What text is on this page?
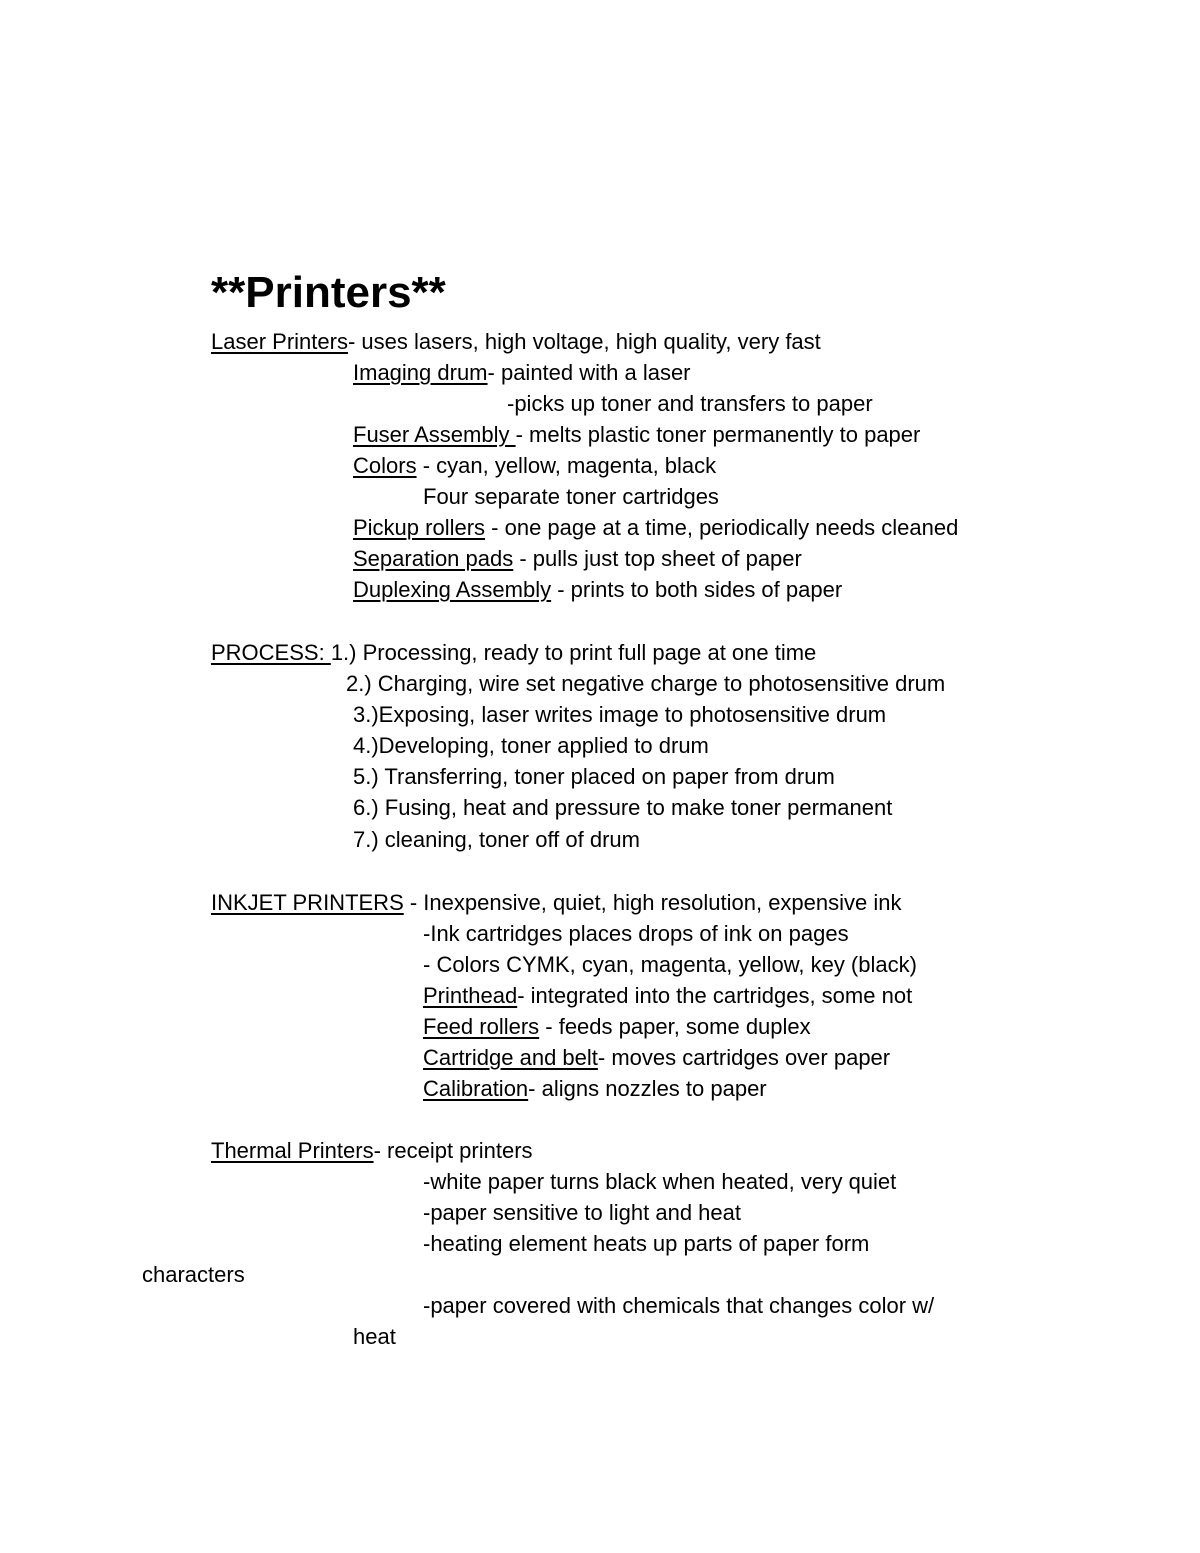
**Printers**
Laser Printers- uses lasers, high voltage, high quality, very fast
Imaging drum- painted with a laser
-picks up toner and transfers to paper
Fuser Assembly - melts plastic toner permanently to paper
Colors - cyan, yellow, magenta, black
Four separate toner cartridges
Pickup rollers - one page at a time, periodically needs cleaned
Separation pads - pulls just top sheet of paper
Duplexing Assembly - prints to both sides of paper
PROCESS: 1.) Processing, ready to print full page at one time
2.) Charging, wire set negative charge to photosensitive drum
3.)Exposing, laser writes image to photosensitive drum
4.)Developing, toner applied to drum
5.) Transferring, toner placed on paper from drum
6.) Fusing, heat and pressure to make toner permanent
7.) cleaning, toner off of drum
INKJET PRINTERS - Inexpensive, quiet, high resolution, expensive ink
-Ink cartridges places drops of ink on pages
- Colors CYMK, cyan, magenta, yellow, key (black)
Printhead- integrated into the cartridges, some not
Feed rollers - feeds paper, some duplex
Cartridge and belt- moves cartridges over paper
Calibration- aligns nozzles to paper
Thermal Printers- receipt printers
-white paper turns black when heated, very quiet
-paper sensitive to light and heat
-heating element heats up parts of paper form
characters
-paper covered with chemicals that changes color w/
heat
